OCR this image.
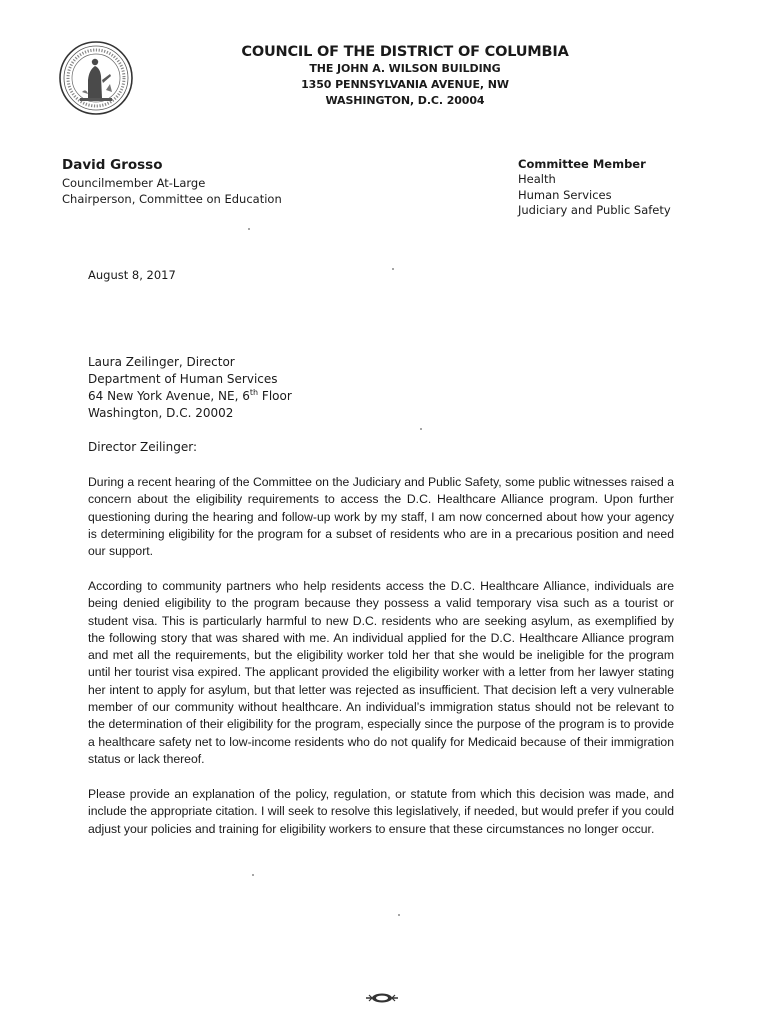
COUNCIL OF THE DISTRICT OF COLUMBIA
THE JOHN A. WILSON BUILDING
1350 PENNSYLVANIA AVENUE, NW
WASHINGTON, D.C. 20004
David Grosso
Councilmember At-Large
Chairperson, Committee on Education
Committee Member
Health
Human Services
Judiciary and Public Safety
August 8, 2017
Laura Zeilinger, Director
Department of Human Services
64 New York Avenue, NE, 6th Floor
Washington, D.C. 20002
Director Zeilinger:

During a recent hearing of the Committee on the Judiciary and Public Safety, some public witnesses raised a concern about the eligibility requirements to access the D.C. Healthcare Alliance program. Upon further questioning during the hearing and follow-up work by my staff, I am now concerned about how your agency is determining eligibility for the program for a subset of residents who are in a precarious position and need our support.

According to community partners who help residents access the D.C. Healthcare Alliance, individuals are being denied eligibility to the program because they possess a valid temporary visa such as a tourist or student visa. This is particularly harmful to new D.C. residents who are seeking asylum, as exemplified by the following story that was shared with me. An individual applied for the D.C. Healthcare Alliance program and met all the requirements, but the eligibility worker told her that she would be ineligible for the program until her tourist visa expired. The applicant provided the eligibility worker with a letter from her lawyer stating her intent to apply for asylum, but that letter was rejected as insufficient. That decision left a very vulnerable member of our community without healthcare. An individual’s immigration status should not be relevant to the determination of their eligibility for the program, especially since the purpose of the program is to provide a healthcare safety net to low-income residents who do not qualify for Medicaid because of their immigration status or lack thereof.

Please provide an explanation of the policy, regulation, or statute from which this decision was made, and include the appropriate citation. I will seek to resolve this legislatively, if needed, but would prefer if you could adjust your policies and training for eligibility workers to ensure that these circumstances no longer occur.
